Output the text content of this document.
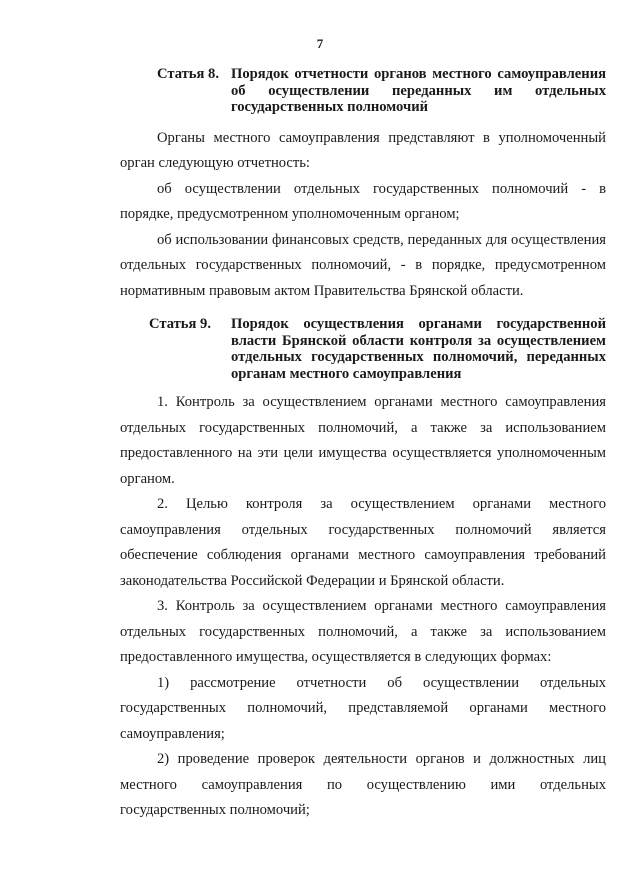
7
Статья 8. Порядок отчетности органов местного самоуправления об осуществлении переданных им отдельных государственных полномочий

Органы местного самоуправления представляют в уполномоченный орган следующую отчетность:

об осуществлении отдельных государственных полномочий - в порядке, предусмотренном уполномоченным органом;

об использовании финансовых средств, переданных для осуществления отдельных государственных полномочий, - в порядке, предусмотренном нормативным правовым актом Правительства Брянской области.

Статья 9.	Порядок осуществления органами государственной власти Брянской области контроля за осуществлением отдельных государственных полномочий, переданных органам местного самоуправления

1. Контроль за осуществлением органами местного самоуправления отдельных государственных полномочий, а также за использованием предоставленного на эти цели имущества осуществляется уполномоченным органом.

2. Целью контроля за осуществлением органами местного самоуправления отдельных государственных полномочий является обеспечение соблюдения органами местного самоуправления требований законодательства Российской Федерации и Брянской области.

3. Контроль за осуществлением органами местного самоуправления отдельных государственных полномочий, а также за использованием предоставленного имущества, осуществляется в следующих формах:

1) рассмотрение отчетности об осуществлении отдельных государственных полномочий, представляемой органами местного самоуправления;

2) проведение проверок деятельности органов и должностных лиц местного самоуправления по осуществлению ими отдельных государственных полномочий;
